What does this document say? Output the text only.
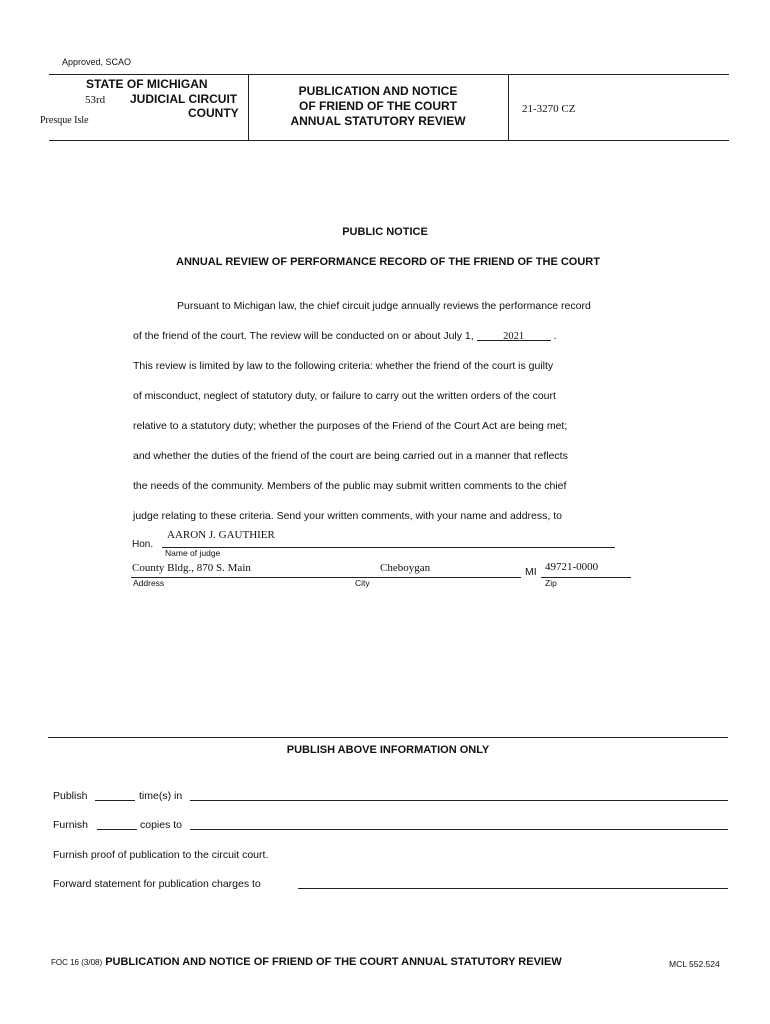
Approved, SCAO
STATE OF MICHIGAN
53rd JUDICIAL CIRCUIT
COUNTY
Presque Isle
PUBLICATION AND NOTICE
OF FRIEND OF THE COURT
ANNUAL STATUTORY REVIEW
21-3270 CZ
PUBLIC NOTICE
ANNUAL REVIEW OF PERFORMANCE RECORD OF THE FRIEND OF THE COURT
Pursuant to Michigan law, the chief circuit judge annually reviews the performance record
of the friend of the court. The review will be conducted on or about July 1,	2021	.
This review is limited by law to the following criteria: whether the friend of the court is guilty
of misconduct, neglect of statutory duty, or failure to carry out the written orders of the court
relative to a statutory duty; whether the purposes of the Friend of the Court Act are being met;
and whether the duties of the friend of the court are being carried out in a manner that reflects
the needs of the community. Members of the public may submit written comments to the chief
judge relating to these criteria. Send your written comments, with your name and address, to
Hon.
AARON J. GAUTHIER
Name of judge
County Bldg., 870 S. Main	Cheboygan	MI 49721-0000
Address	City	Zip
PUBLISH ABOVE INFORMATION ONLY
Publish	time(s) in
Furnish	copies to
Furnish proof of publication to the circuit court.
Forward statement for publication charges to
FOC 16 (3/08) PUBLICATION AND NOTICE OF FRIEND OF THE COURT ANNUAL STATUTORY REVIEW	MCL 552.524
